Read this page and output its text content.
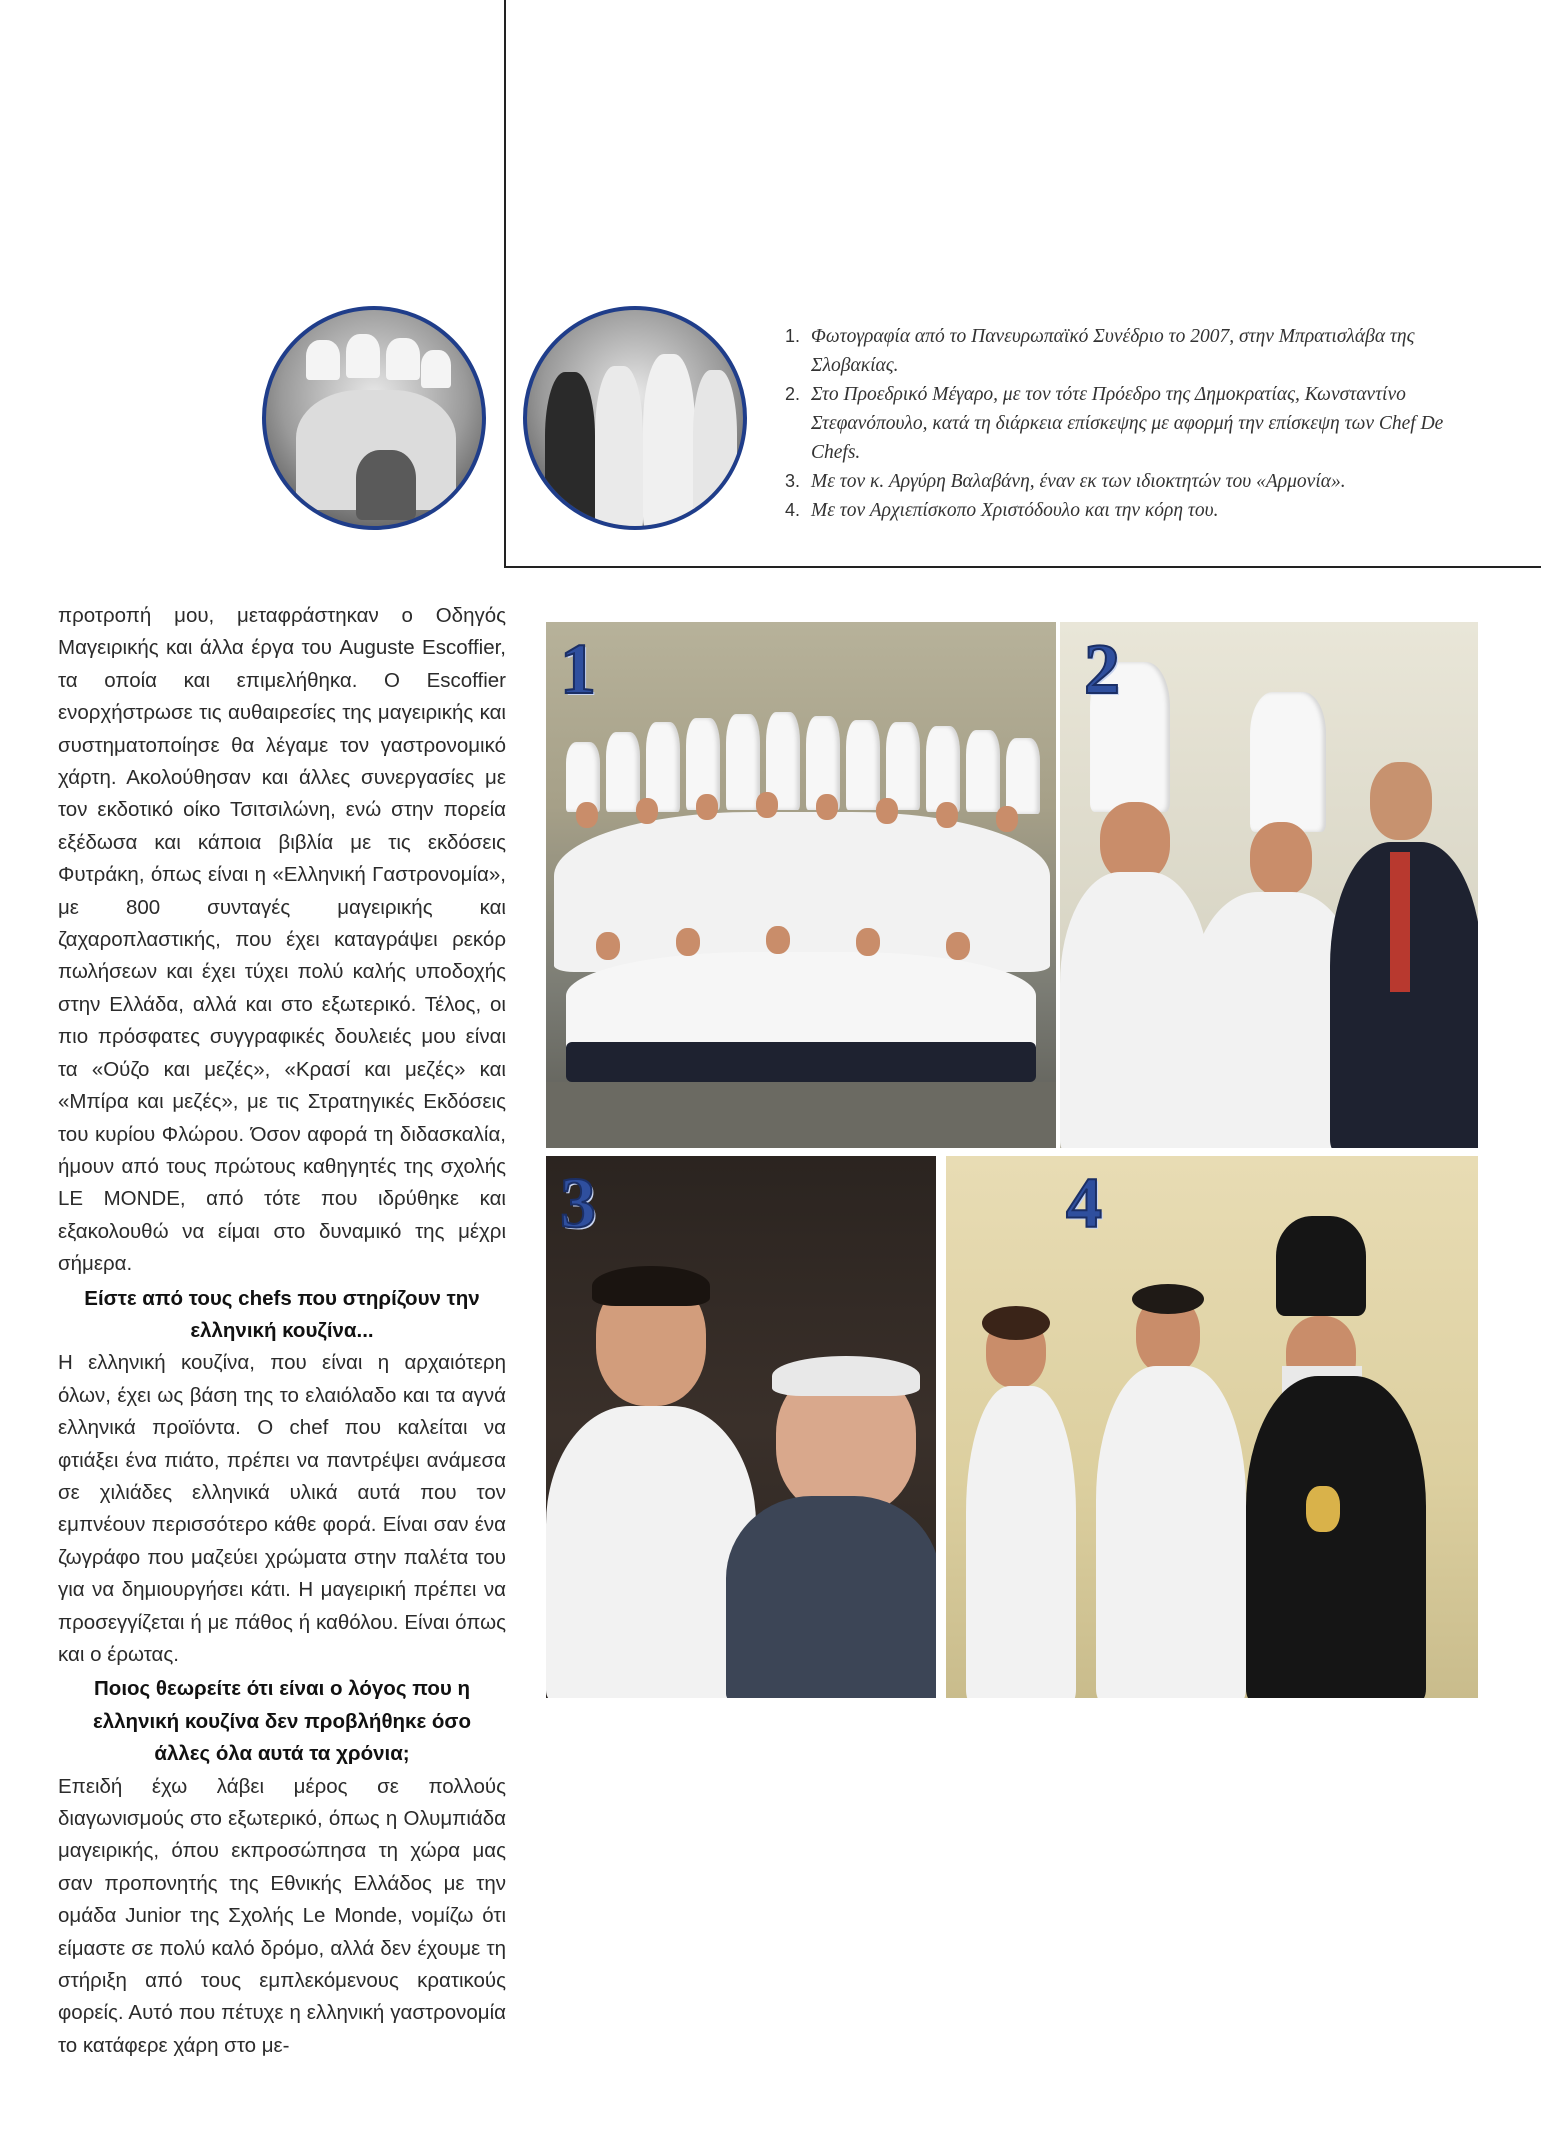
1. Φωτογραφία από το Πανευρωπαϊκό Συνέδριο το 2007, στην Μπρατισλάβα της Σλοβακίας.
2. Στο Προεδρικό Μέγαρο, με τον τότε Πρόεδρο της Δημοκρατίας, Κωνσταντίνο Στεφανόπουλο, κατά τη διάρκεια επίσκεψης με αφορμή την επίσκεψη των Chef De Chefs.
3. Με τον κ. Αργύρη Βαλαβάνη, έναν εκ των ιδιοκτητών του «Αρμονία».
4. Με τον Αρχιεπίσκοπο Χριστόδουλο και την κόρη του.

προτροπή μου, μεταφράστηκαν ο Οδηγός Μαγειρικής και άλλα έργα του Auguste Escoffier, τα οποία και επιμελήθηκα. Ο Escoffier ενορχήστρωσε τις αυθαιρεσίες της μαγειρικής και συστηματοποίησε θα λέγαμε τον γαστρονομικό χάρτη. Ακολούθησαν και άλλες συνεργασίες με τον εκδοτικό οίκο Τσιτσιλώνη, ενώ στην πορεία εξέδωσα και κάποια βιβλία με τις εκδόσεις Φυτράκη, όπως είναι η «Ελληνική Γαστρονομία», με 800 συνταγές μαγειρικής και ζαχαροπλαστικής, που έχει καταγράψει ρεκόρ πωλήσεων και έχει τύχει πολύ καλής υποδοχής στην Ελλάδα, αλλά και στο εξωτερικό. Τέλος, οι πιο πρόσφατες συγγραφικές δουλειές μου είναι τα «Ούζο και μεζές», «Κρασί και μεζές» και «Μπίρα και μεζές», με τις Στρατηγικές Εκδόσεις του κυρίου Φλώρου. Όσον αφορά τη διδασκαλία, ήμουν από τους πρώτους καθηγητές της σχολής LE MONDE, από τότε που ιδρύθηκε και εξακολουθώ να είμαι στο δυναμικό της μέχρι σήμερα.

Είστε από τους chefs που στηρίζουν την ελληνική κουζίνα...

Η ελληνική κουζίνα, που είναι η αρχαιότερη όλων, έχει ως βάση της το ελαιόλαδο και τα αγνά ελληνικά προϊόντα. Ο chef που καλείται να φτιάξει ένα πιάτο, πρέπει να παντρέψει ανάμεσα σε χιλιάδες ελληνικά υλικά αυτά που τον εμπνέουν περισσότερο κάθε φορά. Είναι σαν ένα ζωγράφο που μαζεύει χρώματα στην παλέτα του για να δημιουργήσει κάτι. Η μαγειρική πρέπει να προσεγγίζεται ή με πάθος ή καθόλου. Είναι όπως και ο έρωτας.

Ποιος θεωρείτε ότι είναι ο λόγος που η ελληνική κουζίνα δεν προβλήθηκε όσο άλλες όλα αυτά τα χρόνια;

Επειδή έχω λάβει μέρος σε πολλούς διαγωνισμούς στο εξωτερικό, όπως η Ολυμπιάδα μαγειρικής, όπου εκπροσώπησα τη χώρα μας σαν προπονητής της Εθνικής Ελλάδος με την ομάδα Junior της Σχολής Le Monde, νομίζω ότι είμαστε σε πολύ καλό δρόμο, αλλά δεν έχουμε τη στήριξη από τους εμπλεκόμενους κρατικούς φορείς. Αυτό που πέτυχε η ελληνική γαστρονομία το κατάφερε χάρη στο με-

1	2
3	4
